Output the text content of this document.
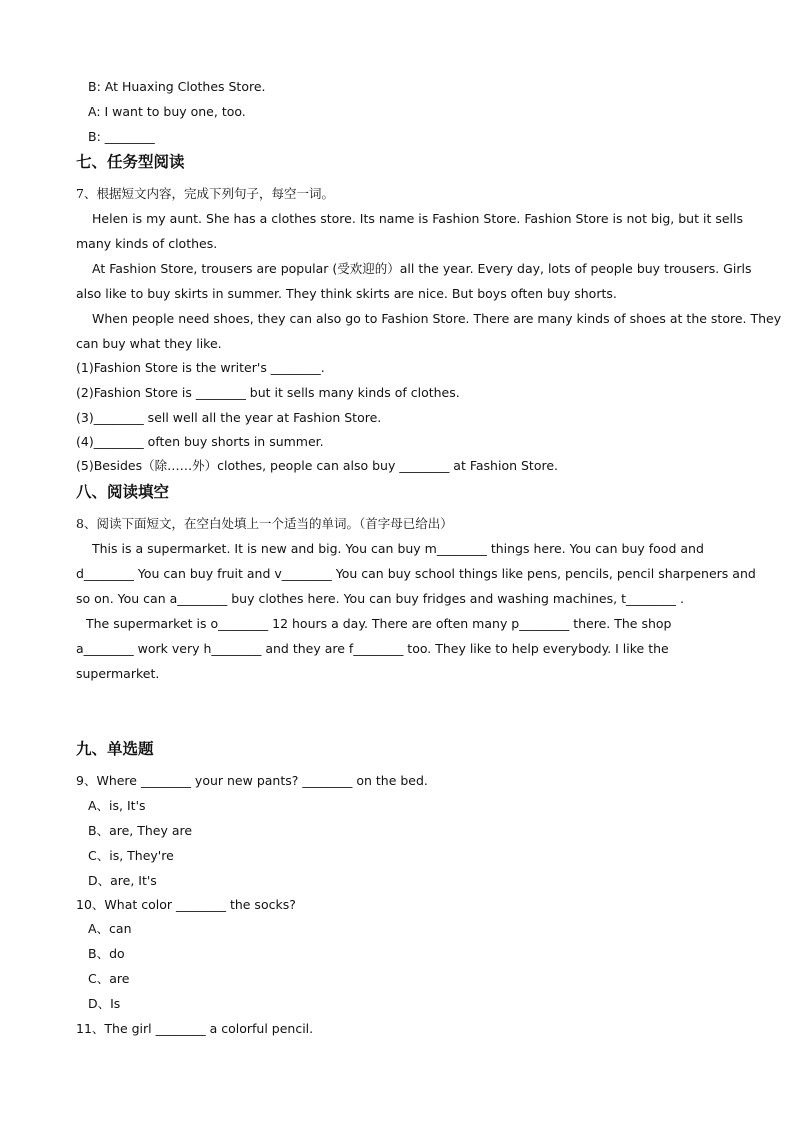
B: At Huaxing Clothes Store.
A: I want to buy one, too.
B: ________
七、任务型阅读
7、根据短文内容，完成下列句子，每空一词。
Helen is my aunt. She has a clothes store. Its name is Fashion Store. Fashion Store is not big, but it sells
many kinds of clothes.
At Fashion Store, trousers are popular (受欢迎的）all the year. Every day, lots of people buy trousers. Girls
also like to buy skirts in summer. They think skirts are nice. But boys often buy shorts.
When people need shoes, they can also go to Fashion Store. There are many kinds of shoes at the store. They
can buy what they like.
(1)Fashion Store is the writer's ________.
(2)Fashion Store is ________ but it sells many kinds of clothes.
(3)________ sell well all the year at Fashion Store.
(4)________ often buy shorts in summer.
(5)Besides（除……外）clothes, people can also buy ________ at Fashion Store.
八、阅读填空
8、阅读下面短文，在空白处填上一个适当的单词。（首字母已给出）
This is a supermarket. It is new and big. You can buy m________ things here. You can buy food and
d________ You can buy fruit and v________ You can buy school things like pens, pencils, pencil sharpeners and
so on. You can a________ buy clothes here. You can buy fridges and washing machines, t________ .
The supermarket is o________ 12 hours a day. There are often many p________ there. The shop
a________ work very h________ and they are f________ too. They like to help everybody. I like the
supermarket.
九、单选题
9、Where ________ your new pants? ________ on the bed.
A、is, It's
B、are, They are
C、is, They're
D、are, It's
10、What color ________ the socks?
A、can
B、do
C、are
D、Is
11、The girl ________ a colorful pencil.
